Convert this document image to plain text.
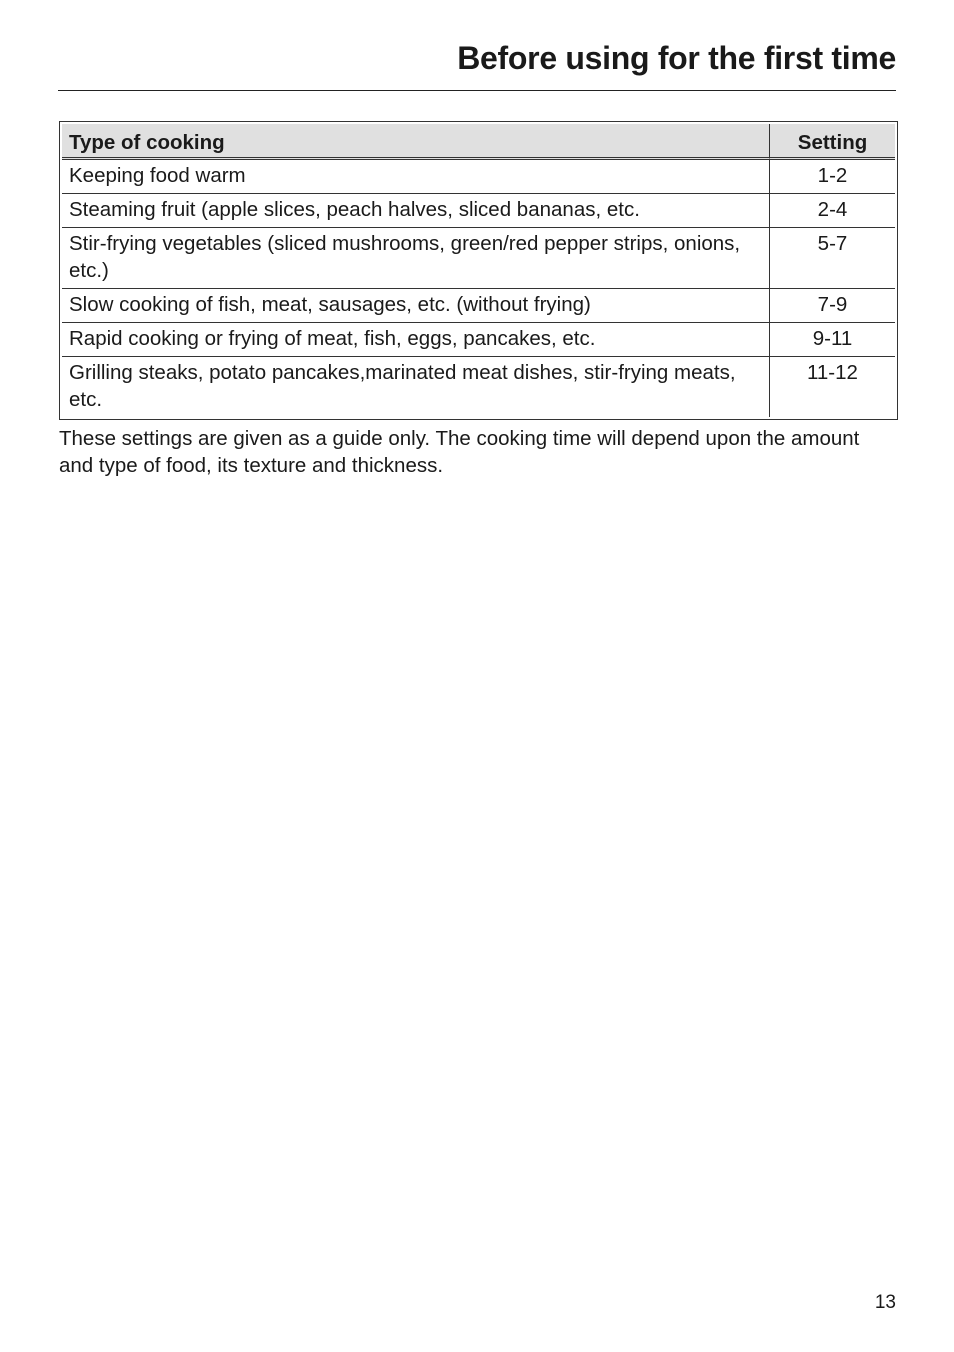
Before using for the first time
Type of cooking	Setting
Keeping food warm	1-2
Steaming fruit (apple slices, peach halves, sliced bananas, etc.	2-4
Stir-frying vegetables (sliced mushrooms, green/red pepper strips, onions, etc.)	5-7
Slow cooking of fish, meat, sausages, etc. (without frying)	7-9
Rapid cooking or frying of meat, fish, eggs, pancakes, etc.	9-11
Grilling steaks, potato pancakes,marinated meat dishes, stir-frying meats, etc.	11-12

These settings are given as a guide only. The cooking time will depend upon the amount and type of food, its texture and thickness.

13
